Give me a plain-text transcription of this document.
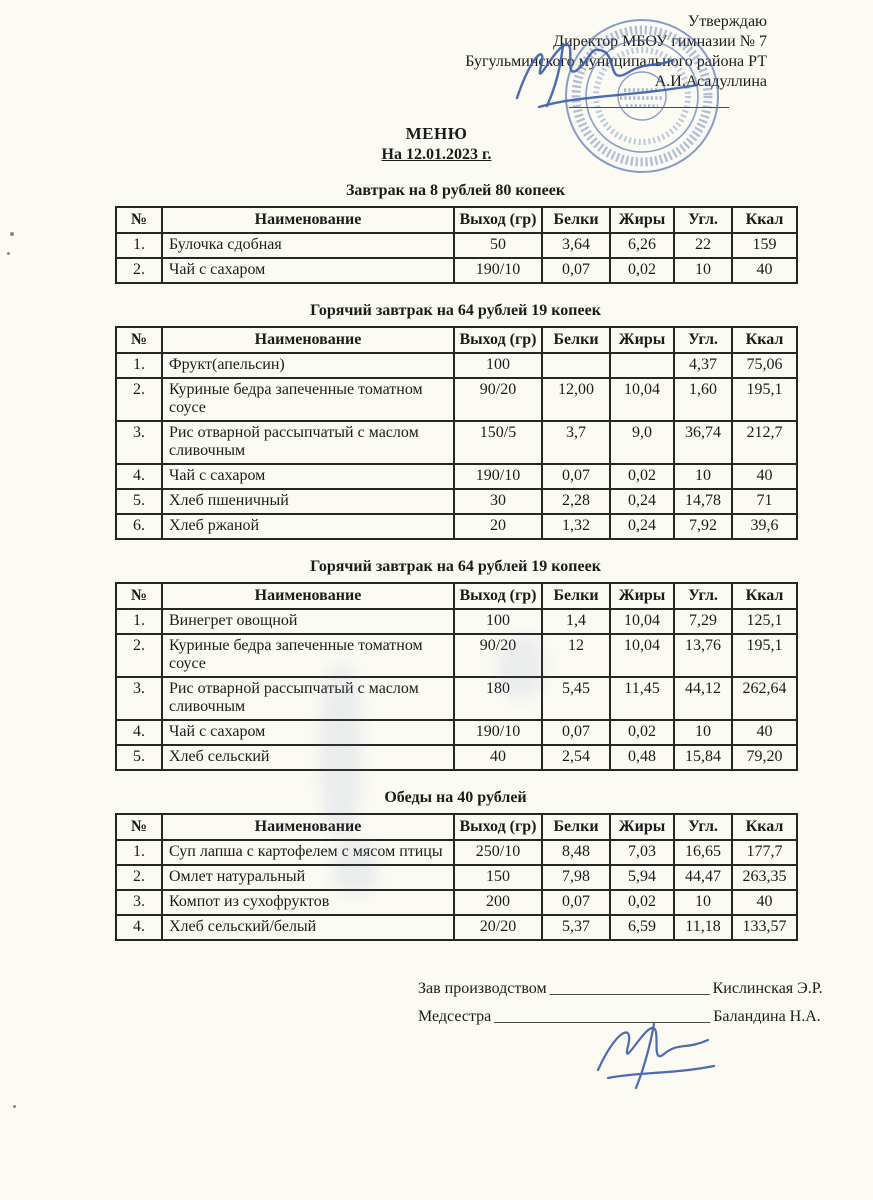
Утверждаю
Директор МБОУ гимназии № 7
Бугульминского муниципального района РТ
А.И.Асадуллина
____________________
МЕНЮ
На 12.01.2023 г.
Завтрак на 8 рублей 80 копеек
№	Наименование	Выход (гр)	Белки	Жиры	Угл.	Ккал
1.	Булочка сдобная	50	3,64	6,26	22	159
2.	Чай с сахаром	190/10	0,07	0,02	10	40
Горячий завтрак на 64 рублей 19 копеек
№	Наименование	Выход (гр)	Белки	Жиры	Угл.	Ккал
1.	Фрукт(апельсин)	100			4,37	75,06
2.	Куриные бедра запеченные томатном соусе	90/20	12,00	10,04	1,60	195,1
3.	Рис отварной рассыпчатый с маслом сливочным	150/5	3,7	9,0	36,74	212,7
4.	Чай с сахаром	190/10	0,07	0,02	10	40
5.	Хлеб пшеничный	30	2,28	0,24	14,78	71
6.	Хлеб ржаной	20	1,32	0,24	7,92	39,6
Горячий завтрак на 64 рублей 19 копеек
№	Наименование	Выход (гр)	Белки	Жиры	Угл.	Ккал
1.	Винегрет овощной	100	1,4	10,04	7,29	125,1
2.	Куриные бедра запеченные томатном соусе	90/20	12	10,04	13,76	195,1
3.	Рис отварной рассыпчатый с маслом сливочным	180	5,45	11,45	44,12	262,64
4.	Чай с сахаром	190/10	0,07	0,02	10	40
5.	Хлеб сельский	40	2,54	0,48	15,84	79,20
Обеды на 40 рублей
№	Наименование	Выход (гр)	Белки	Жиры	Угл.	Ккал
1.	Суп лапша с картофелем с мясом птицы	250/10	8,48	7,03	16,65	177,7
2.	Омлет натуральный	150	7,98	5,94	44,47	263,35
3.	Компот из сухофруктов	200	0,07	0,02	10	40
4.	Хлеб сельский/белый	20/20	5,37	6,59	11,18	133,57
Зав производством ____________________ Кислинская Э.Р.
Медсестра ___________________________ Баландина Н.А.
